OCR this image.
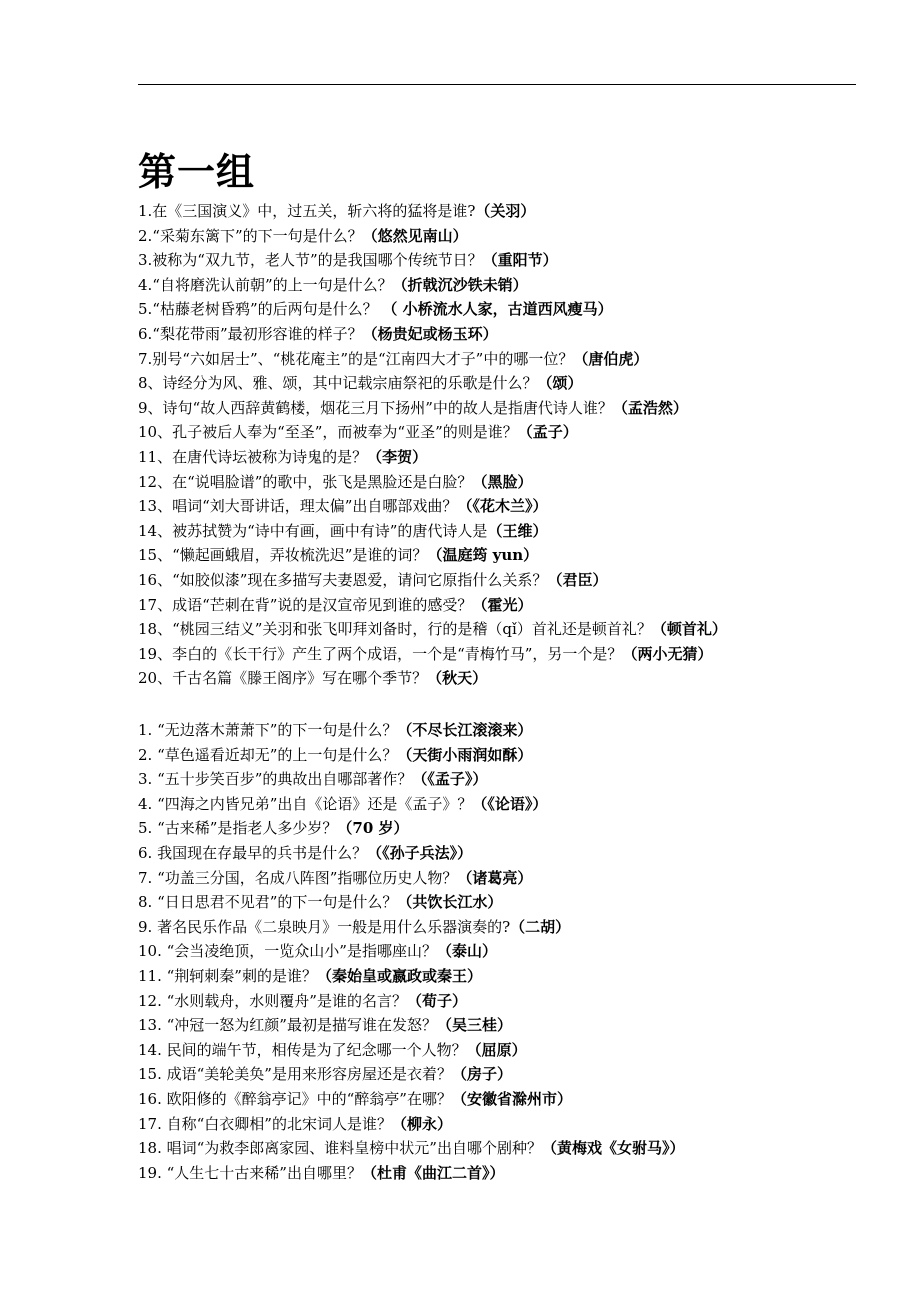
第一组
1.在《三国演义》中，过五关，斩六将的猛将是谁?（关羽）
2.“采菊东篱下”的下一句是什么？（悠然见南山）
3.被称为“双九节，老人节”的是我国哪个传统节日？（重阳节）
4.“自将磨洗认前朝”的上一句是什么？（折戟沉沙铁未销）
5.“枯藤老树昏鸦”的后两句是什么？ （ 小桥流水人家，古道西风瘦马）
6.“梨花带雨”最初形容谁的样子？（杨贵妃或杨玉环）
7.别号“六如居士”、“桃花庵主”的是“江南四大才子”中的哪一位？（唐伯虎）
8、诗经分为风、雅、颂，其中记载宗庙祭祀的乐歌是什么？（颂）
9、诗句“故人西辞黄鹤楼，烟花三月下扬州”中的故人是指唐代诗人谁？（孟浩然）
10、孔子被后人奉为“至圣”，而被奉为“亚圣”的则是谁？（孟子）
11、在唐代诗坛被称为诗鬼的是？（李贺）
12、在“说唱脸谱”的歌中，张飞是黑脸还是白脸？（黑脸）
13、唱词“刘大哥讲话，理太偏”出自哪部戏曲？（《花木兰》）
14、被苏拭赞为“诗中有画，画中有诗”的唐代诗人是（王维）
15、“懒起画蛾眉，弄妆梳洗迟”是谁的词？（温庭筠 yun）
16、“如胶似漆”现在多描写夫妻恩爱，请问它原指什么关系？（君臣）
17、成语“芒刺在背”说的是汉宣帝见到谁的感受？（霍光）
18、“桃园三结义”关羽和张飞叩拜刘备时，行的是稽（qǐ）首礼还是顿首礼？（顿首礼）
19、李白的《长干行》产生了两个成语，一个是“青梅竹马”，另一个是？（两小无猜）
20、千古名篇《滕王阁序》写在哪个季节？（秋天）
1. “无边落木萧萧下”的下一句是什么？（不尽长江滚滚来）
2. “草色遥看近却无”的上一句是什么？（天街小雨润如酥）
3. “五十步笑百步”的典故出自哪部著作？（《孟子》）
4. “四海之内皆兄弟”出自《论语》还是《孟子》？（《论语》）
5. “古来稀”是指老人多少岁？（70 岁）
6. 我国现在存最早的兵书是什么？（《孙子兵法》）
7. “功盖三分国，名成八阵图”指哪位历史人物？（诸葛亮）
8. “日日思君不见君”的下一句是什么？（共饮长江水）
9. 著名民乐作品《二泉映月》一般是用什么乐器演奏的?（二胡）
10. “会当凌绝顶，一览众山小”是指哪座山？（泰山）
11. “荆轲刺秦”刺的是谁？（秦始皇或嬴政或秦王）
12. “水则载舟，水则覆舟”是谁的名言？（荀子）
13. “冲冠一怒为红颜”最初是描写谁在发怒？（吴三桂）
14. 民间的端午节，相传是为了纪念哪一个人物？（屈原）
15. 成语“美轮美奂”是用来形容房屋还是衣着？（房子）
16. 欧阳修的《醉翁亭记》中的“醉翁亭”在哪？（安徽省滁州市）
17. 自称“白衣卿相”的北宋词人是谁？（柳永）
18. 唱词“为救李郎离家园、谁料皇榜中状元”出自哪个剧种？（黄梅戏《女驸马》）
19. “人生七十古来稀”出自哪里？（杜甫《曲江二首》）
